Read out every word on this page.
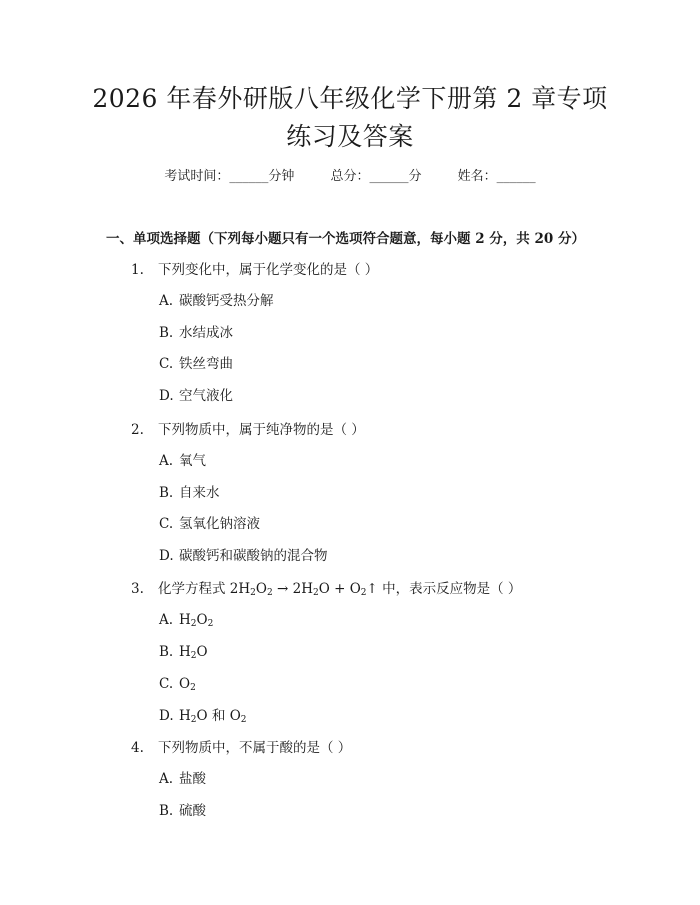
2026 年春外研版八年级化学下册第 2 章专项
练习及答案
考试时间：______分钟	总分：______分	姓名：______
一、单项选择题（下列每小题只有一个选项符合题意，每小题 2 分，共 20 分）
1. 下列变化中，属于化学变化的是（ ）
A. 碳酸钙受热分解
B. 水结成冰
C. 铁丝弯曲
D. 空气液化
2. 下列物质中，属于纯净物的是（ ）
A. 氧气
B. 自来水
C. 氢氧化钠溶液
D. 碳酸钙和碳酸钠的混合物
3. 化学方程式 $2H_2O_2 \to 2H_2O$ + $O_2↑$ 中，表示反应物是（ ）
A. $H_2O_2$
B. $H_2O$
C. $O_2$
D. $H_2O$ 和 $O_2$
4. 下列物质中，不属于酸的是（ ）
A. 盐酸
B. 硫酸
